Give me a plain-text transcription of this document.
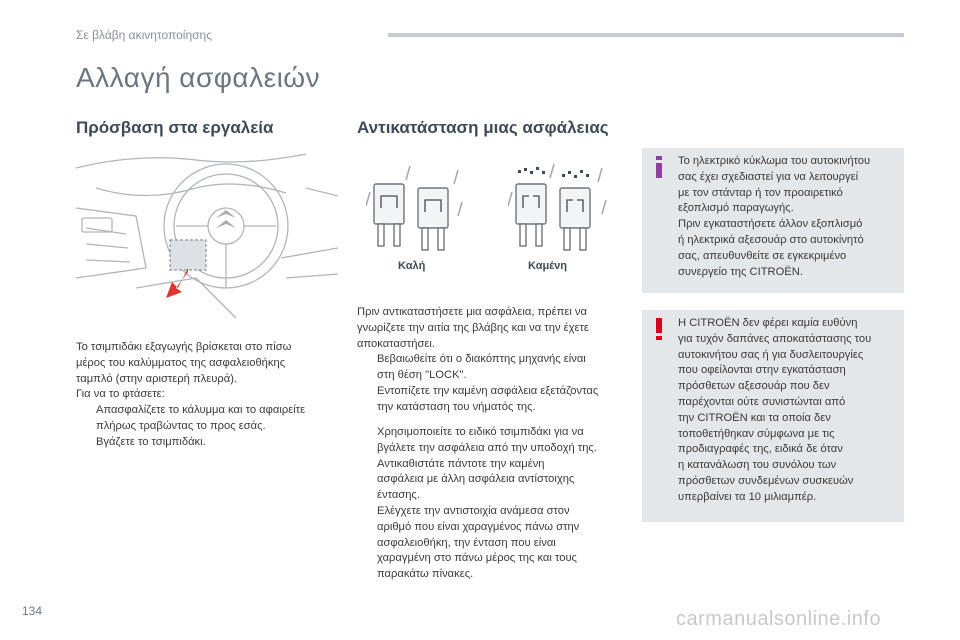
Σε βλάβη ακινητοποίησης
Αλλαγή ασφαλειών
Πρόσβαση στα εργαλεία	Αντικατάσταση μιας ασφάλειας
Το τσιμπιδάκι εξαγωγής βρίσκεται στο πίσω
μέρος του καλύμματος της ασφαλειοθήκης
ταμπλό (στην αριστερή πλευρά).
Για να το φτάσετε:
Απασφαλίζετε το κάλυμμα και το αφαιρείτε
πλήρως τραβώντας το προς εσάς.
Βγάζετε το τσιμπιδάκι.
Καλή	Καμένη
Πριν αντικαταστήσετε μια ασφάλεια, πρέπει να
γνωρίζετε την αιτία της βλάβης και να την έχετε
αποκαταστήσει.
Βεβαιωθείτε ότι ο διακόπτης μηχανής είναι
στη θέση "LOCK".
Εντοπίζετε την καμένη ασφάλεια εξετάζοντας
την κατάσταση του νήματός της.
Χρησιμοποιείτε το ειδικό τσιμπιδάκι για να
βγάλετε την ασφάλεια από την υποδοχή της.
Αντικαθιστάτε πάντοτε την καμένη
ασφάλεια με άλλη ασφάλεια αντίστοιχης
έντασης.
Ελέγχετε την αντιστοιχία ανάμεσα στον
αριθμό που είναι χαραγμένος πάνω στην
ασφαλειοθήκη, την ένταση που είναι
χαραγμένη στο πάνω μέρος της και τους
παρακάτω πίνακες.
Το ηλεκτρικό κύκλωμα του αυτοκινήτου
σας έχει σχεδιαστεί για να λειτουργεί
με τον στάνταρ ή τον προαιρετικό
εξοπλισμό παραγωγής.
Πριν εγκαταστήσετε άλλον εξοπλισμό
ή ηλεκτρικά αξεσουάρ στο αυτοκίνητό
σας, απευθυνθείτε σε εγκεκριμένο
συνεργείο της CITROËN.
Η CITROËN δεν φέρει καμία ευθύνη
για τυχόν δαπάνες αποκατάστασης του
αυτοκινήτου σας ή για δυσλειτουργίες
που οφείλονται στην εγκατάσταση
πρόσθετων αξεσουάρ που δεν
παρέχονται ούτε συνιστώνται από
την CITROËN και τα οποία δεν
τοποθετήθηκαν σύμφωνα με τις
προδιαγραφές της, ειδικά δε όταν
η κατανάλωση του συνόλου των
πρόσθετων συνδεμένων συσκευών
υπερβαίνει τα 10 μιλιαμπέρ.
134	carmanualsonline.info
